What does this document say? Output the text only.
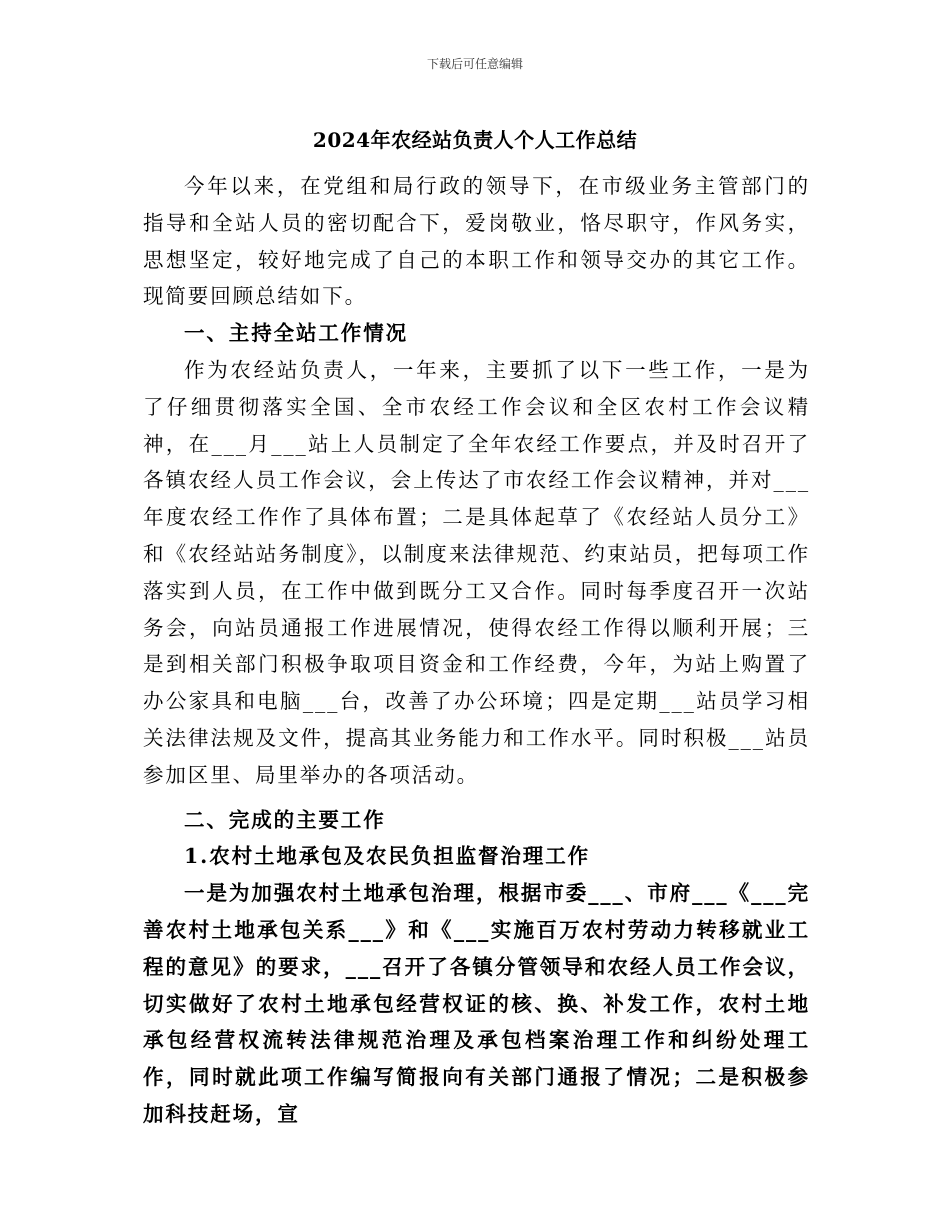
下载后可任意编辑
2024年农经站负责人个人工作总结

今年以来，在党组和局行政的领导下，在市级业务主管部门的指导和全站人员的密切配合下，爱岗敬业，恪尽职守，作风务实，思想坚定，较好地完成了自己的本职工作和领导交办的其它工作。现简要回顾总结如下。

一、主持全站工作情况

作为农经站负责人，一年来，主要抓了以下一些工作，一是为了仔细贯彻落实全国、全市农经工作会议和全区农村工作会议精神，在___月___站上人员制定了全年农经工作要点，并及时召开了各镇农经人员工作会议，会上传达了市农经工作会议精神，并对___年度农经工作作了具体布置；二是具体起草了《农经站人员分工》和《农经站站务制度》，以制度来法律规范、约束站员，把每项工作落实到人员，在工作中做到既分工又合作。同时每季度召开一次站务会，向站员通报工作进展情况，使得农经工作得以顺利开展；三是到相关部门积极争取项目资金和工作经费，今年，为站上购置了办公家具和电脑___台，改善了办公环境；四是定期___站员学习相关法律法规及文件，提高其业务能力和工作水平。同时积极___站员参加区里、局里举办的各项活动。

二、完成的主要工作

1.农村土地承包及农民负担监督治理工作

一是为加强农村土地承包治理，根据市委___、市府___《___完善农村土地承包关系___》和《___实施百万农村劳动力转移就业工程的意见》的要求，___召开了各镇分管领导和农经人员工作会议，切实做好了农村土地承包经营权证的核、换、补发工作，农村土地承包经营权流转法律规范治理及承包档案治理工作和纠纷处理工作，同时就此项工作编写简报向有关部门通报了情况；二是积极参加科技赶场，宣
